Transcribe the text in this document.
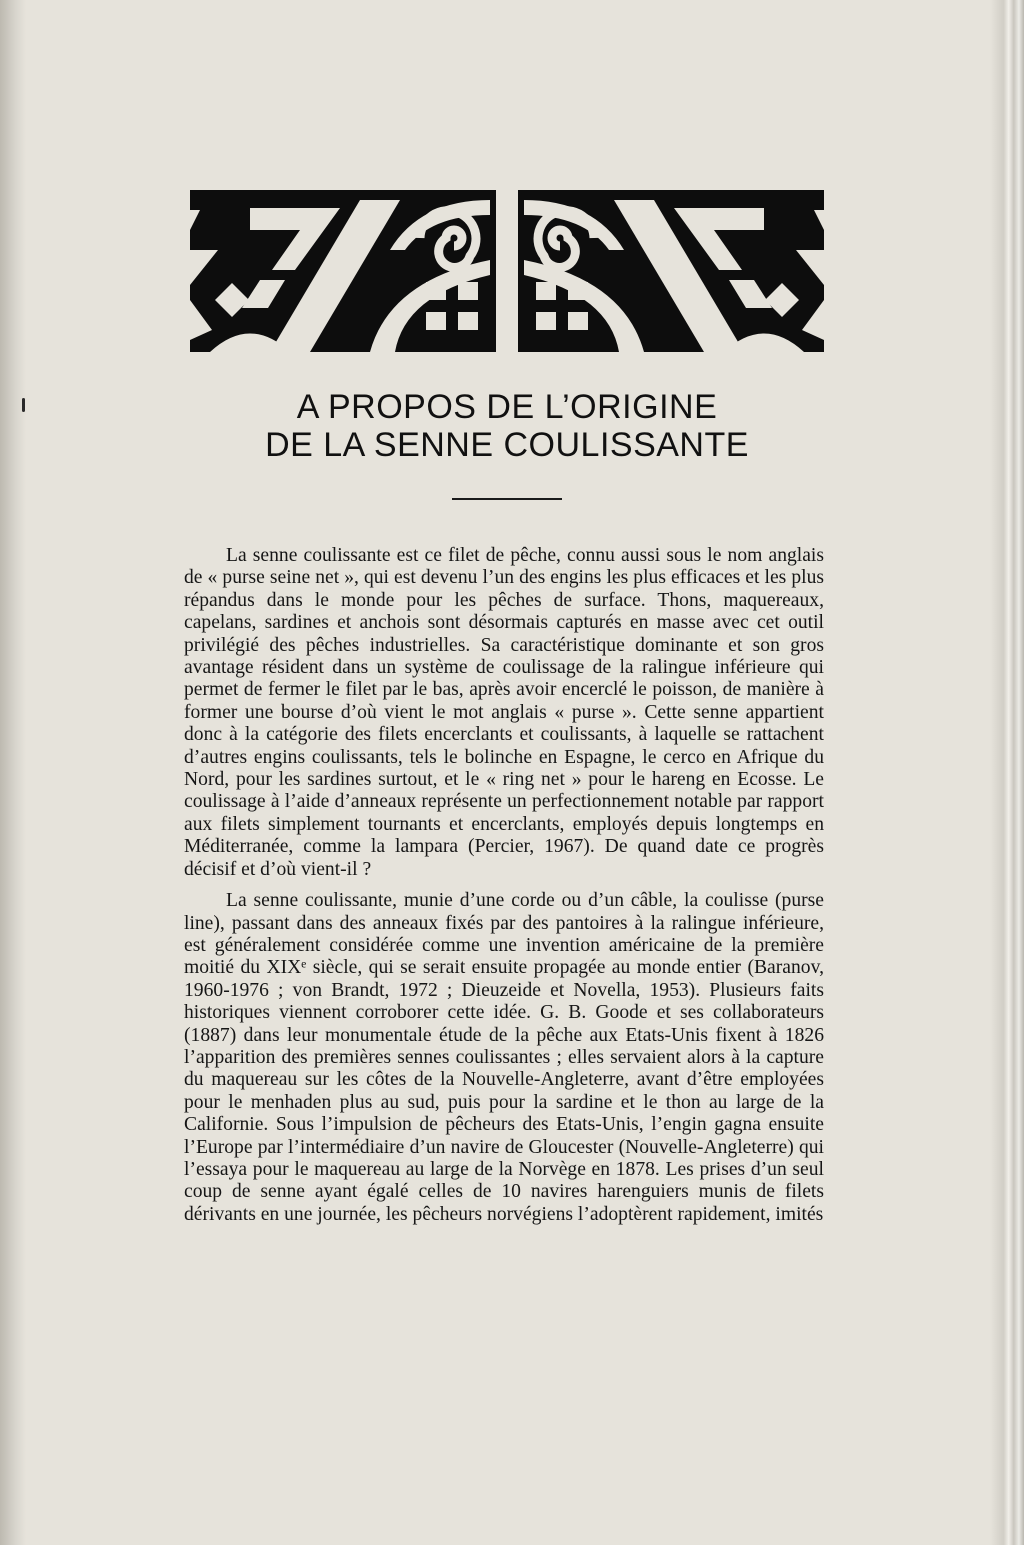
A PROPOS DE L’ORIGINE
DE LA SENNE COULISSANTE

La senne coulissante est ce filet de pêche, connu aussi sous le nom anglais de « purse seine net », qui est devenu l’un des engins les plus efficaces et les plus répandus dans le monde pour les pêches de surface. Thons, maquereaux, capelans, sardines et anchois sont désormais capturés en masse avec cet outil privilégié des pêches industrielles. Sa caractéristique dominante et son gros avantage résident dans un système de coulissage de la ralingue inférieure qui permet de fermer le filet par le bas, après avoir encerclé le poisson, de manière à former une bourse d’où vient le mot anglais « purse ». Cette senne appartient donc à la catégorie des filets encerclants et coulissants, à laquelle se rattachent d’autres engins coulissants, tels le bolinche en Espagne, le cerco en Afrique du Nord, pour les sardines surtout, et le « ring net » pour le hareng en Ecosse. Le coulissage à l’aide d’anneaux représente un perfectionnement notable par rapport aux filets simplement tournants et encerclants, employés depuis longtemps en Méditerranée, comme la lampara (Percier, 1967). De quand date ce progrès décisif et d’où vient-il ?

La senne coulissante, munie d’une corde ou d’un câble, la coulisse (purse line), passant dans des anneaux fixés par des pantoires à la ralingue inférieure, est généralement considérée comme une invention américaine de la première moitié du XIXᵉ siècle, qui se serait ensuite propagée au monde entier (Baranov, 1960-1976 ; von Brandt, 1972 ; Dieuzeide et Novella, 1953). Plusieurs faits historiques viennent corroborer cette idée. G. B. Goode et ses collaborateurs (1887) dans leur monumentale étude de la pêche aux Etats-Unis fixent à 1826 l’apparition des premières sennes coulissantes ; elles servaient alors à la capture du maquereau sur les côtes de la Nouvelle-Angleterre, avant d’être employées pour le menhaden plus au sud, puis pour la sardine et le thon au large de la Californie. Sous l’impulsion de pêcheurs des Etats-Unis, l’engin gagna ensuite l’Europe par l’intermédiaire d’un navire de Gloucester (Nouvelle-Angleterre) qui l’essaya pour le maquereau au large de la Norvège en 1878. Les prises d’un seul coup de senne ayant égalé celles de 10 navires harenguiers munis de filets dérivants en une journée, les pêcheurs norvégiens l’adoptèrent rapidement, imités
